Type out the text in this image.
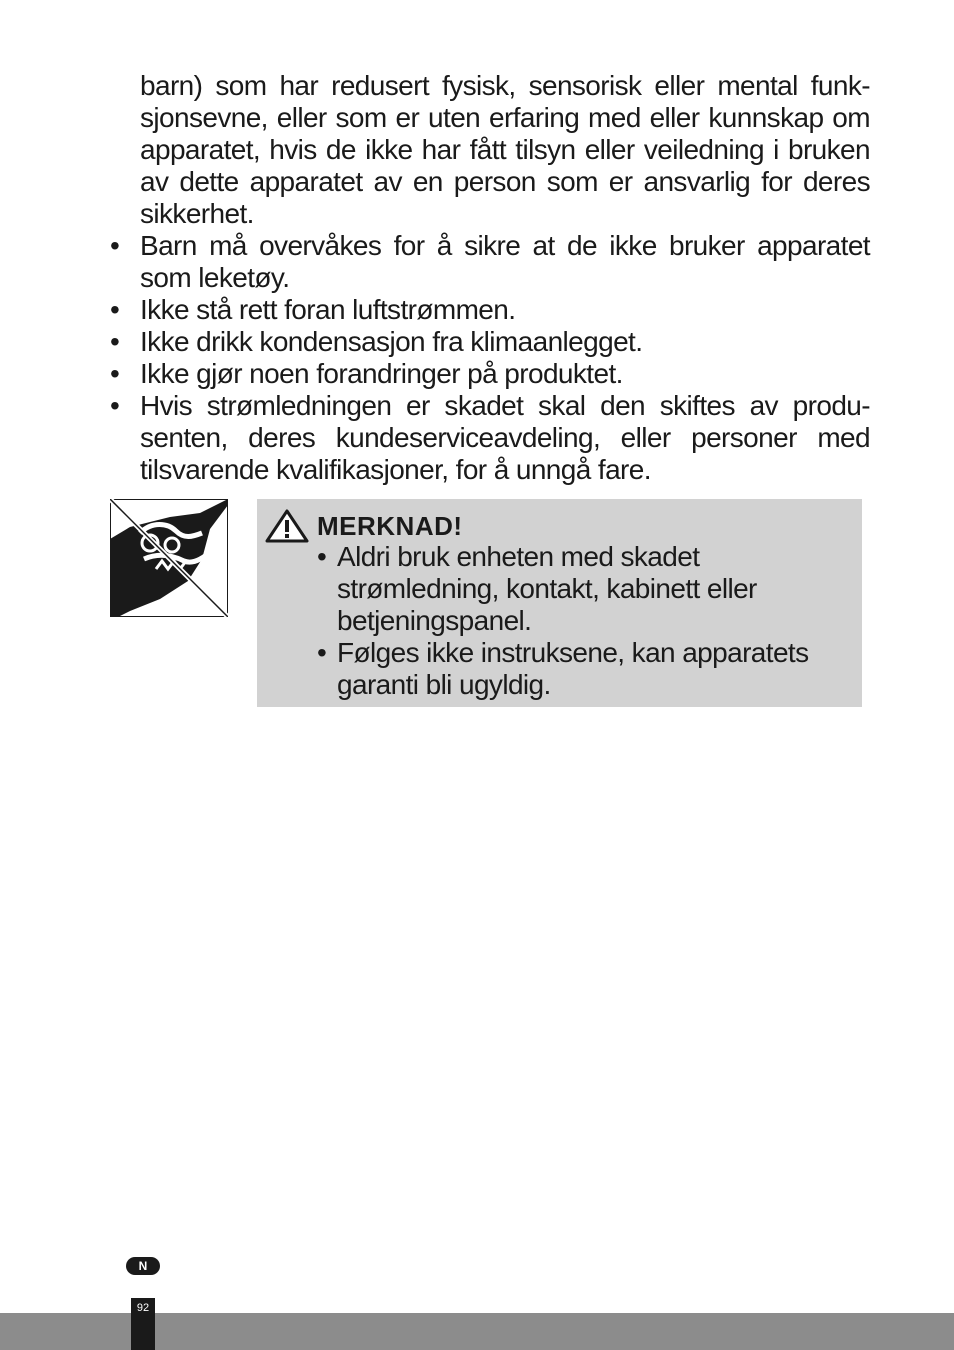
barn) som har redusert fysisk, sensorisk eller mental funk-sjonsevne, eller som er uten erfaring med eller kunnskap om apparatet, hvis de ikke har fått tilsyn eller veiledning i bruken av dette apparatet av en person som er ansvarlig for deres sikkerhet.

• Barn må overvåkes for å sikre at de ikke bruker apparatet som leketøy.
• Ikke stå rett foran luftstrømmen.
• Ikke drikk kondensasjon fra klimaanlegget.
• Ikke gjør noen forandringer på produktet.
• Hvis strømledningen er skadet skal den skiftes av produ-senten, deres kundeserviceavdeling, eller personer med tilsvarende kvalifikasjoner, for å unngå fare.
MERKNAD!
• Aldri bruk enheten med skadet strømledning, kontakt, kabinett eller betjeningspanel.
• Følges ikke instruksene, kan apparatets garanti bli ugyldig.
N
92
